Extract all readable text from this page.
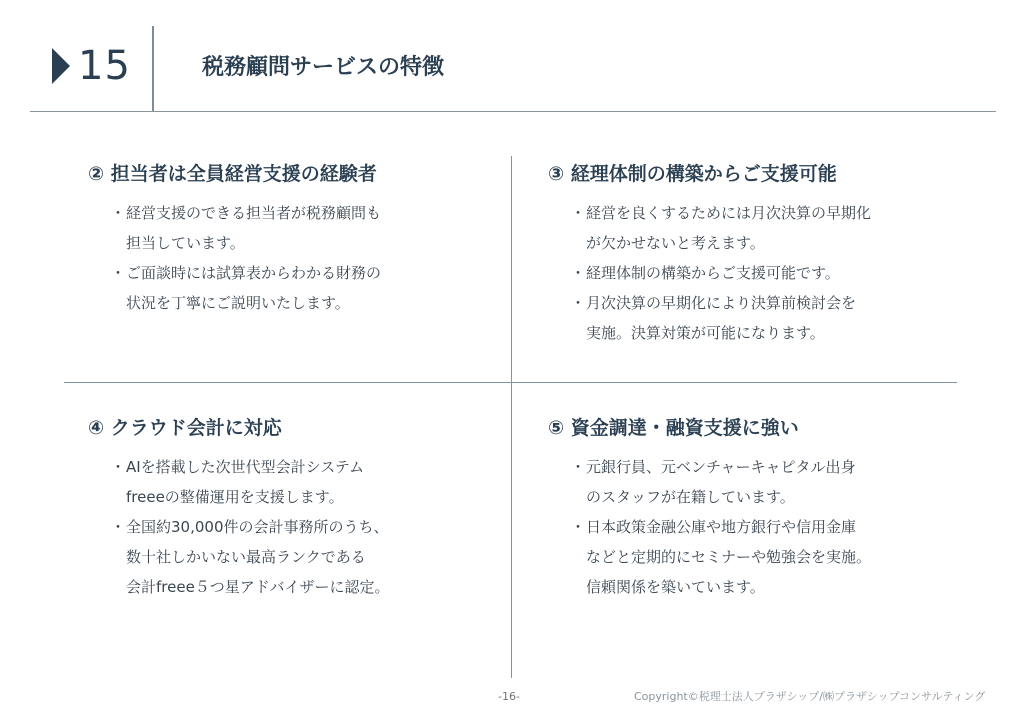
15	税務顧問サービスの特徴
② 担当者は全員経営支援の経験者
・ 経営支援のできる担当者が税務顧問も
担当しています。
・ ご面談時には試算表からわかる財務の
状況を丁寧にご説明いたします。
③ 経理体制の構築からご支援可能
・ 経営を良くするためには月次決算の早期化
が欠かせないと考えます。
・ 経理体制の構築からご支援可能です。
・ 月次決算の早期化により決算前検討会を
実施。決算対策が可能になります。
④ クラウド会計に対応
・ AIを搭載した次世代型会計システム
freeeの整備運用を支援します。
・ 全国約30,000件の会計事務所のうち、
数十社しかいない最高ランクである
会計freee５つ星アドバイザーに認定。
⑤ 資金調達・融資支援に強い
・ 元銀行員、元ベンチャーキャピタル出身
のスタッフが在籍しています。
・ 日本政策金融公庫や地方銀行や信用金庫
などと定期的にセミナーや勉強会を実施。
信頼関係を築いています。
-16-	Copyright©税理士法人プラザシップ/㈱プラザシップコンサルティング
